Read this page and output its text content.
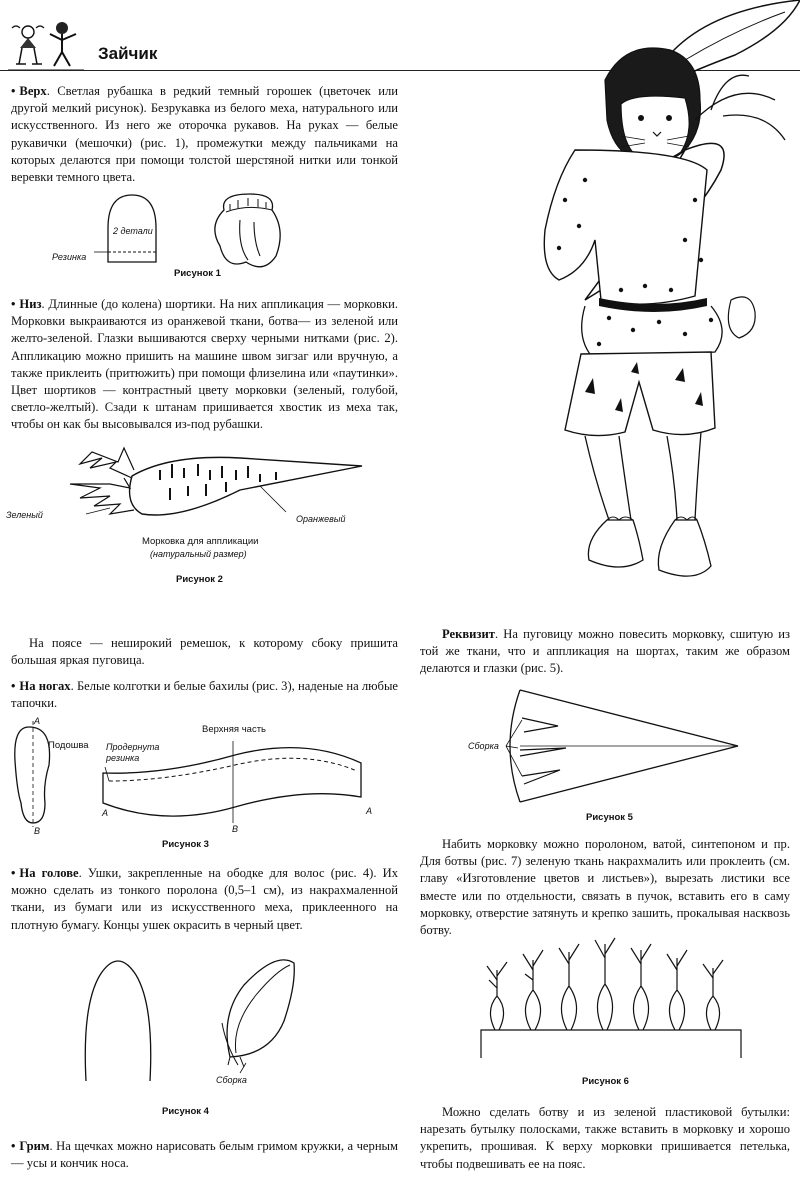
Зайчик
• Верх. Светлая рубашка в редкий темный горошек (цветочек или другой мелкий рисунок). Безрукавка из белого меха, натурального или искусственного. Из него же оторочка рукавов. На руках — белые рукавички (мешочки) (рис. 1), промежутки между пальчиками на которых делаются при помощи толстой шерстяной нитки или тонкой веревки темного цвета.
2 детали
Резинка
Рисунок 1
• Низ. Длинные (до колена) шортики. На них аппликация — морковки. Морковки выкраиваются из оранжевой ткани, ботва— из зеленой или желто-зеленой. Глазки вышиваются сверху черными нитками (рис. 2). Аппликацию можно пришить на машине швом зигзаг или вручную, а также приклеить (притюжить) при помощи флизелина или «паутинки». Цвет шортиков — контрастный цвету морковки (зеленый, голубой, светло-желтый). Сзади к штанам пришивается хвостик из меха так, чтобы он как бы высовывался из-под рубашки.
Зеленый	Оранжевый
Морковка для аппликации
(натуральный размер)
Рисунок 2
На поясе — неширокий ремешок, к которому сбоку пришита большая яркая пуговица.
• На ногах. Белые колготки и белые бахилы (рис. 3), наденые на любые тапочки.
A
Подошва
Верхняя часть
Продернута резинка
A	A
B	B
Рисунок 3
• На голове. Ушки, закрепленные на ободке для волос (рис. 4). Их можно сделать из тонкого поролона (0,5–1 см), из накрахмаленной ткани, из бумаги или из искусственного меха, приклеенного на плотную бумагу. Концы ушек окрасить в черный цвет.
Сборка
Рисунок 4
• Грим. На щечках можно нарисовать белым гримом кружки, а черным — усы и кончик носа.
Реквизит. На пуговицу можно повесить морковку, сшитую из той же ткани, что и аппликация на шортах, таким же образом делаются и глазки (рис. 5).
Сборка
Рисунок 5
Набить морковку можно поролоном, ватой, синтепоном и пр. Для ботвы (рис. 7) зеленую ткань накрахмалить или проклеить (см. главу «Изготовление цветов и листьев»), вырезать листики все вместе или по отдельности, связать в пучок, вставить его в саму морковку, отверстие затянуть и крепко зашить, прокалывая насквозь ботву.
Рисунок 6
Можно сделать ботву и из зеленой пластиковой бутылки: нарезать бутылку полосками, также вставить в морковку и хорошо укрепить, прошивая. К верху морковки пришивается петелька, чтобы подвешивать ее на пояс.
